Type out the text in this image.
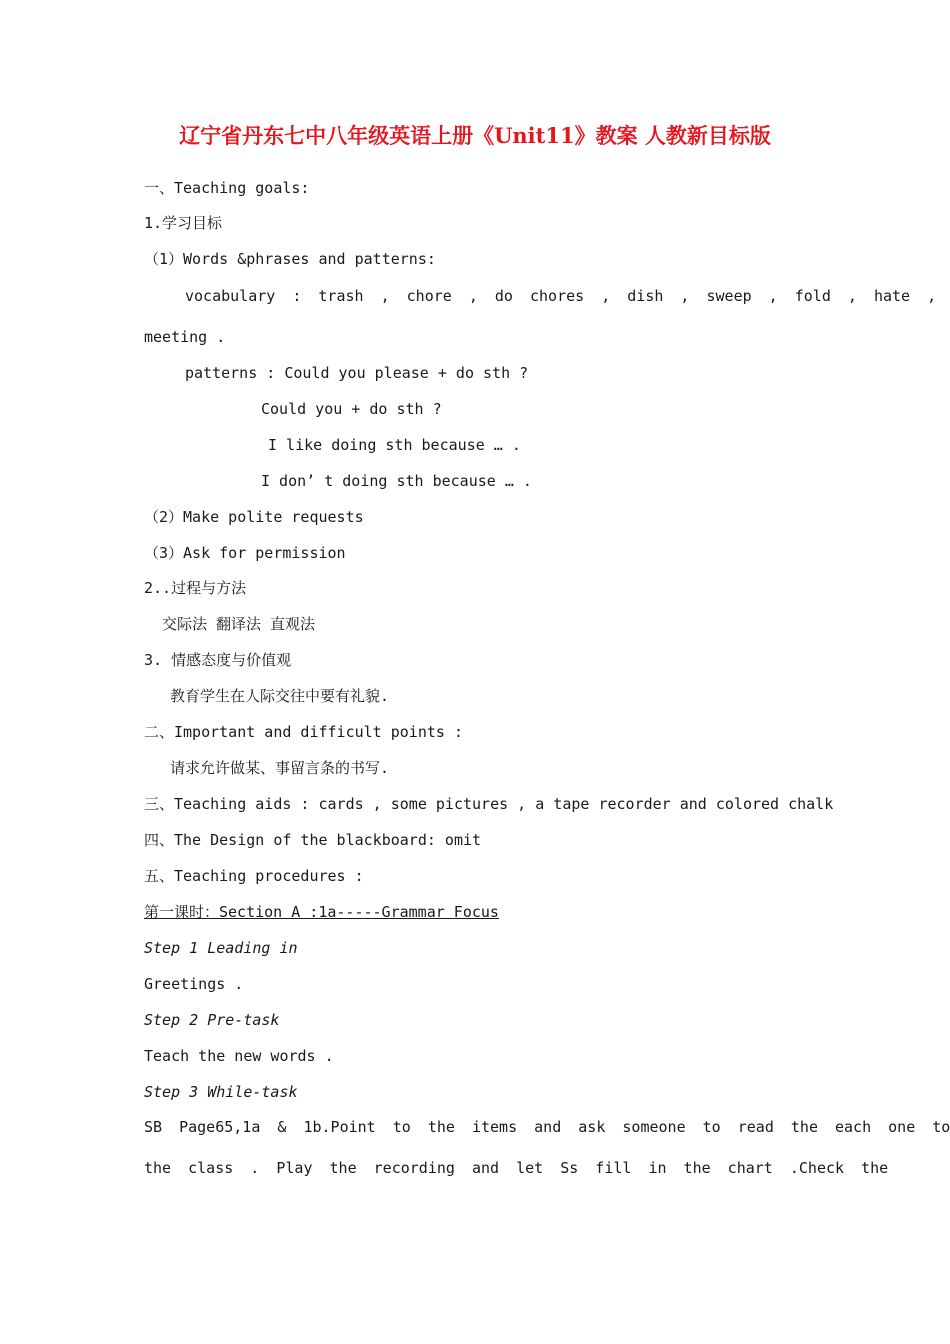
辽宁省丹东七中八年级英语上册《Unit11》教案 人教新目标版
一、Teaching goals:
1.学习目标
（1）Words &phrases and patterns:
vocabulary : trash , chore , do chores , dish , sweep , fold , hate ,
meeting .
patterns : Could you please + do sth ?
Could you + do sth ?
I like doing sth because … .
I don’ t doing sth because … .
（2）Make polite requests
（3）Ask for permission
2..过程与方法
交际法 翻译法 直观法
3. 情感态度与价值观
教育学生在人际交往中要有礼貌.
二、Important and difficult points :
请求允许做某、事留言条的书写.
三、Teaching aids : cards , some pictures , a tape recorder and colored chalk
四、The Design of the blackboard: omit
五、Teaching procedures :
第一课时：Section A :1a-----Grammar Focus
Step 1 Leading in
Greetings .
Step 2 Pre-task
Teach the new words .
Step 3 While-task
SB Page65,1a & 1b.Point to the items and ask someone to read the each one to
the class . Play the recording and let Ss fill in the chart .Check the
